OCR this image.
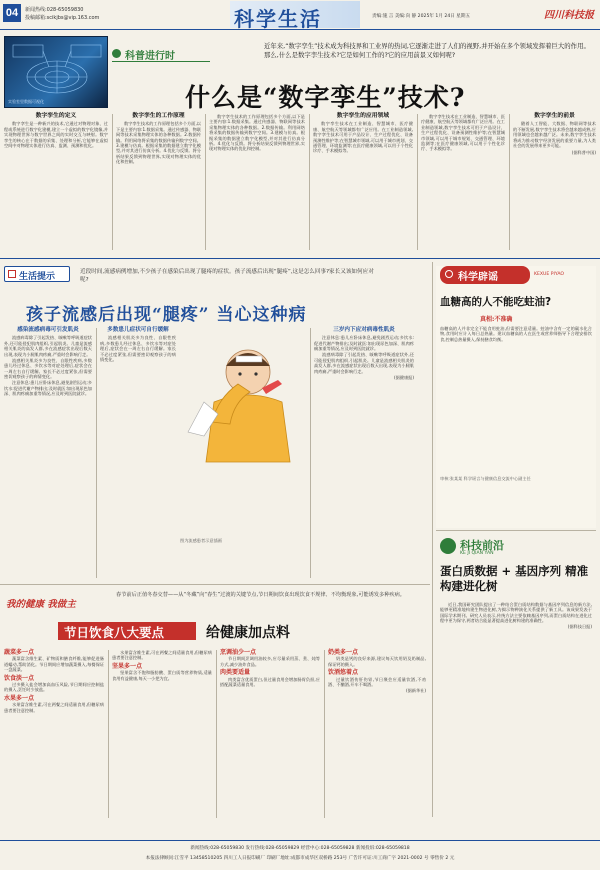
04	新闻热线:028-65059830
投稿邮箱:scikjbs@vip.163.com	科学生活	责编:施 言 美编:向 静 2025年 1月 24日 星期五	四川科技报
实验室里数据可视化
科普进行时
近年来,“数字孪生”技术成为科技界和工业界的热词,它逐渐走进了人们的视野,并开始在多个领域发挥着巨大的作用。那么,什么是数字孪生技术?它是如何工作的?它的应用前景又如何呢?
什么是“数字孪生”技术?
数字孪生的定义

数字孪生是一种新兴的技术,它通过对物理对象、过程或系统进行数字化建模,建立一个虚拟的数字化镜像,并实现物理世界与数字世界之间的实时交互与映射。数字孪生的核心在于数据的采集、处理和分析,它能够在虚拟空间中对物理实体进行仿真、监测、预测和优化。

数字孪生的工作原理

数字孪生技术的工作原理包括多个方面,以下是主要内容:1.数据采集。通过传感器、物联网等技术采集物理实体的各种数据。2.数据传输。利用网络将采集的数据传输到数字空间。3.建模与仿真。根据采集的数据建立数字化模型,并对其进行仿真分析。4.优化与反馈。将分析结果反馈到物理世界,实现对物理实体的优化和控制。

数字孪生技术的工作原理包括多个方面,以下是主要内容:1.数据采集。通过传感器、物联网等技术采集物理实体的各种数据。2.数据传输。利用网络将采集的数据传输到数字空间。3.建模与仿真。根据采集的数据建立数字化模型,并对其进行仿真分析。4.优化与反馈。将分析结果反馈到物理世界,实现对物理实体的优化和控制。

数字孪生的应用领域

数字孪生技术在工业制造、智慧城市、医疗健康、航空航天等领域都有广泛应用。在工业制造领域,数字孪生技术可用于产品设计、生产过程优化、设备预测性维护等;在智慧城市领域,可以用于城市规划、交通管理、环境监测等;在医疗健康领域,可以用于个性化诊疗、手术模拟等。

数字孪生技术在工业制造、智慧城市、医疗健康、航空航天等领域都有广泛应用。在工业制造领域,数字孪生技术可用于产品设计、生产过程优化、设备预测性维护等;在智慧城市领域,可以用于城市规划、交通管理、环境监测等;在医疗健康领域,可以用于个性化诊疗、手术模拟等。

数字孪生的前景

随着人工智能、大数据、物联网等技术的不断发展,数字孪生技术将会越来越成熟,应用领域也会越来越广泛。未来,数字孪生技术将成为推动数字经济发展的重要力量,为人类社会的发展带来更多可能。

(据科普中国)
生活提示	近段时间,流感病例增加,不少孩子在感染后出现了腿疼的症状。孩子流感后出现“腿疼”,这是怎么回事?家长又该如何应对呢?
孩子流感后出现“腿疼” 当心这种病
感染流感病毒可引发肌炎

流感病毒除了引起发热、咳嗽等呼吸道症状外,还可能侵犯肌肉组织,引起肌炎。儿童是流感相关肌炎的高发人群,多在流感症状出现后数天出现,表现为小腿肌肉疼痛,严重时会影响行走。

流感相关肌炎多为良性、自限性疾病,多数患儿经过休息、多饮水等对症处理后,症状会在一周左右自行缓解。家长不必过度紧张,但需要密切观察孩子的病情变化。

注意休息:患儿应卧床休息,避免剧烈运动;多饮水:促进代谢产物排出;及时就医:如出现尿色加深、肌肉疼痛加重等情况,应及时到医院就诊。

多数患儿症状可自行缓解

流感相关肌炎多为良性、自限性疾病,多数患儿经过休息、多饮水等对症处理后,症状会在一周左右自行缓解。家长不必过度紧张,但需要密切观察孩子的病情变化。

图为流感患者示意插画
三岁内下应对病毒性肌炎

注意休息:患儿应卧床休息,避免剧烈运动;多饮水:促进代谢产物排出;及时就医:如出现尿色加深、肌肉疼痛加重等情况,应及时到医院就诊。

流感病毒除了引起发热、咳嗽等呼吸道症状外,还可能侵犯肌肉组织,引起肌炎。儿童是流感相关肌炎的高发人群,多在流感症状出现后数天出现,表现为小腿肌肉疼痛,严重时会影响行走。

(据健康报)
科学辟谣	KEXUE PIYAO
血糖高的人不能吃蛀油?
真相:不准确
血糖高的人并非完全不能食用蛀油,但需要注意适量。蛀油中含有一定的碳水化合物,食用时应计入每日总热量。建议血糖高的人在医生或营养师指导下合理安排饮食,控制总热量摄入,保持膳食均衡。
审核:张某某 科学谣言与健康信息交流中心副主任
科技前沿
KE JI QIAN YAN
蛋白质数据 + 基因序列 精准构建进化树

近日,我国研究团队提出了一种结合蛋白质结构数据与基因序列信息的新方法,能够更精准地构建生物进化树,为揭示物种演化关系提供了新工具。该成果发表于国际学术期刊。研究人员表示,传统方法主要依赖基因序列,而蛋白质结构在进化过程中更为保守,两者结合能显著提高进化树构建的准确性。

(据科技日报)
我的健康 我做主
春节前后正值冬春交替——从“冬藏”向“春生”过渡的关键节点,节日期间饮食出现饮食不规律、不均衡现象,可能诱发多种疾病。
节日饮食八大要点	给健康加点料
蔬菜多一点

蔬菜富含维生素、矿物质和膳食纤维,能够促进肠道蠕动,帮助消化。节日期间应增加蔬菜摄入,每餐保证一盘蔬菜。

饮食淡一点

过多摄入盐会增加高血压风险,节日期间应控制盐的摄入,烹饪时少放盐。

水果多一点

水果富含维生素,可在两餐之间适量食用,但糖尿病患者要注意控制。

水果富含维生素,可在两餐之间适量食用,但糖尿病患者要注意控制。

坚果多一点

坚果富含不饱和脂肪酸、蛋白质等营养物质,适量食用有益健康,每天一小把为宜。

烹调油少一点

节日期间烹调用油较多,应尽量采用蒸、煮、炖等方式,减少油炸食品。

肉类要适量

肉类富含优质蛋白,但过量食用会增加肠胃负担,应搭配蔬菜适量食用。

奶类多一点

奶类是钙的良好来源,建议每天饮用奶及奶制品,保证钙的摄入。

饮酒悠着点

过量饮酒伤肝伤胃,节日聚会应适量饮酒,不劝酒、不酗酒,开车不喝酒。

(据新华社)
新闻热线:028-65059830 发行热线:028-65059829 经营中心:028-65059828 新闻投诉:028-65059818
本报法律顾问:江雪平 13458510205 四川工人日报印刷厂 印刷厂地址:成都市成华区双桥路 253号 广告许可证:川工商广字 2021-0002 号 零售价 2 元
